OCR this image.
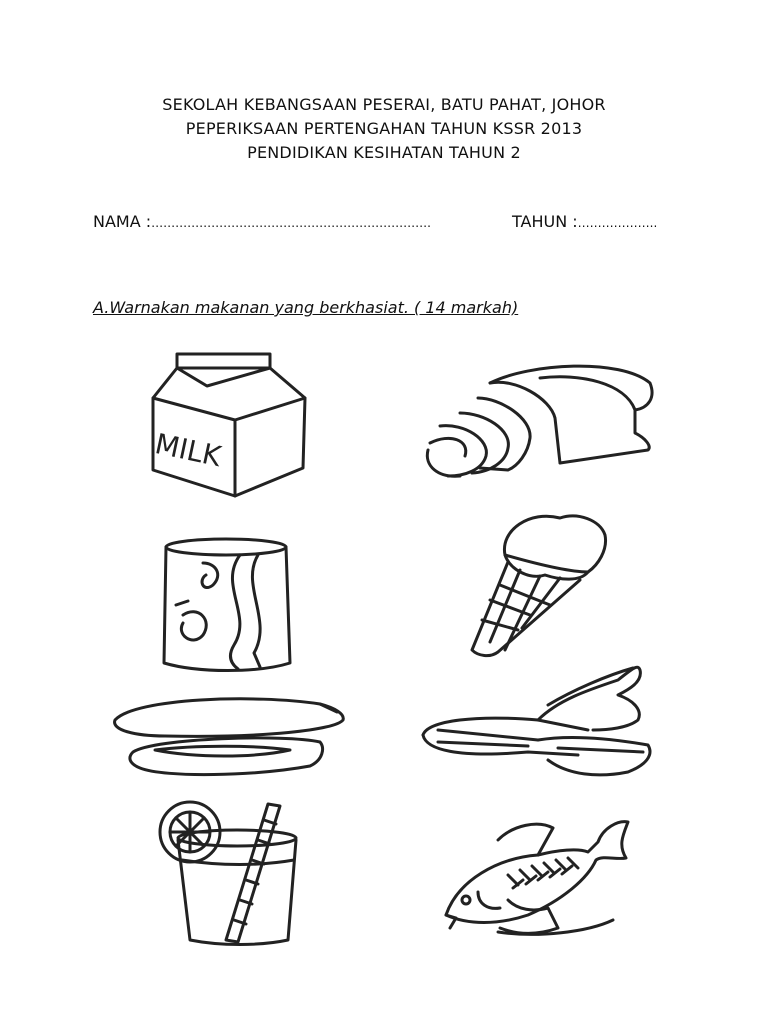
SEKOLAH KEBANGSAAN PESERAI, BATU PAHAT, JOHOR
PEPERIKSAAN PERTENGAHAN TAHUN KSSR 2013
PENDIDIKAN KESIHATAN TAHUN 2
NAMA :…………………………………………………………….	TAHUN :………………..
A.Warnakan makanan yang berkhasiat. ( 14 markah)
MILK
